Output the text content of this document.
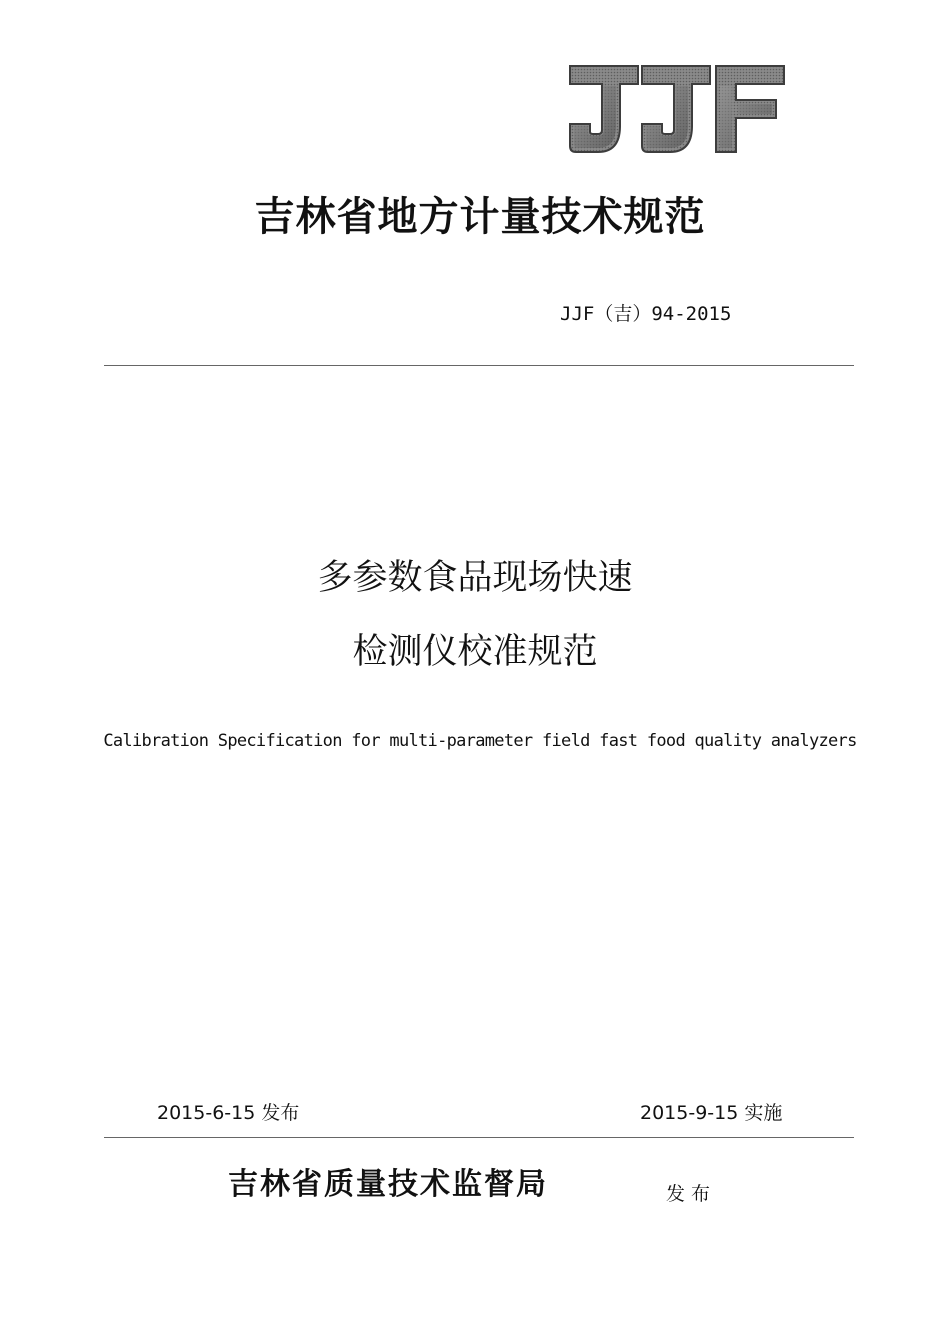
吉林省地方计量技术规范
JJF（吉）94-2015
多参数食品现场快速
检测仪校准规范
Calibration Specification for multi-parameter field fast food quality analyzers
2015-6-15 发布	2015-9-15 实施
吉林省质量技术监督局	发布
